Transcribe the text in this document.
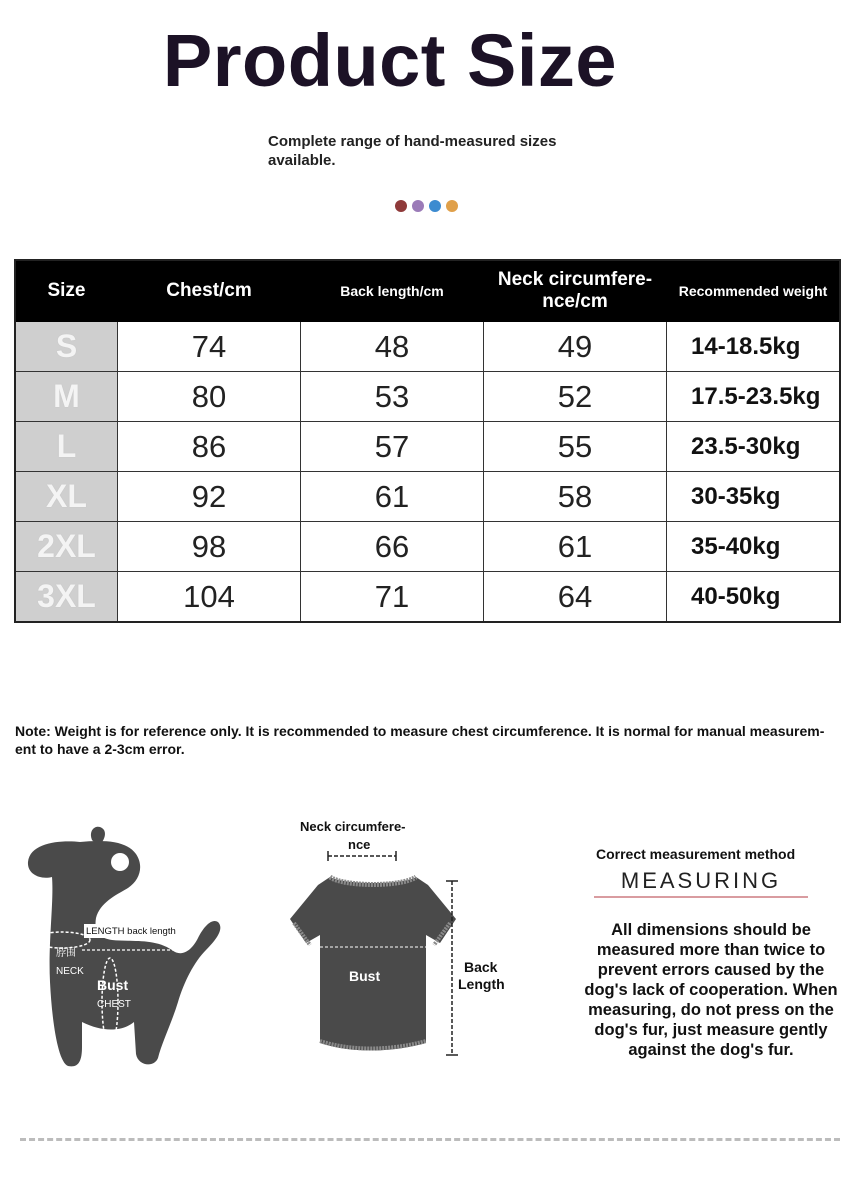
Product Size
Complete range of hand-measured sizes available.
Size	Chest/cm	Back length/cm	Neck circumfere-nce/cm	Recommended weight
S	74	48	49	14-18.5kg
M	80	53	52	17.5-23.5kg
L	86	57	55	23.5-30kg
XL	92	61	58	30-35kg
2XL	98	66	61	35-40kg
3XL	104	71	64	40-50kg
Note: Weight is for reference only. It is recommended to measure chest circumference. It is normal for manual measurem-ent to have a 2-3cm error.
LENGTH back length
脖围
NECK
Bust
CHEST
Neck circumfere-
nce
Bust
Back
Length
Correct measurement method
MEASURING
All dimensions should be measured more than twice to prevent errors caused by the dog's lack of cooperation. When measuring, do not press on the dog's fur, just measure gently against the dog's fur.
